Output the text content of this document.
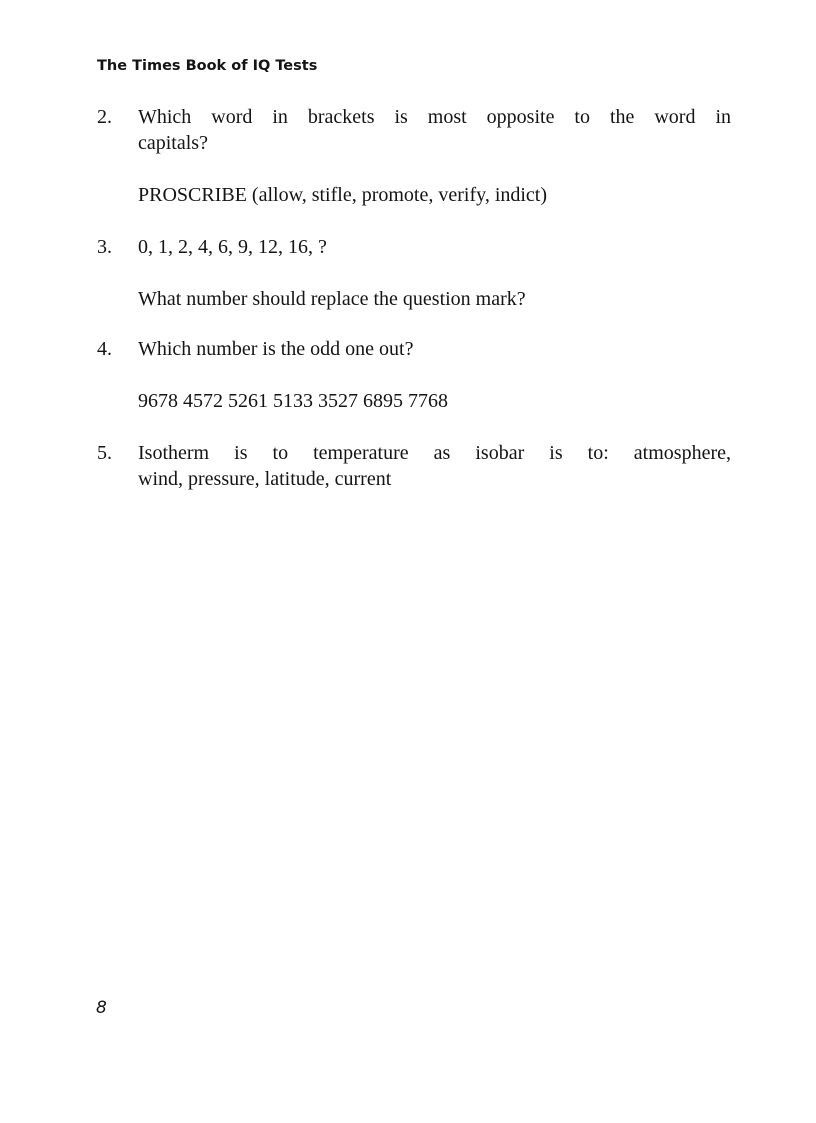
The Times Book of IQ Tests
2. Which word in brackets is most opposite to the word in
capitals?
PROSCRIBE (allow, stifle, promote, verify, indict)
3. 0, 1, 2, 4, 6, 9, 12, 16, ?
What number should replace the question mark?
4. Which number is the odd one out?
9678 4572 5261 5133 3527 6895 7768
5. Isotherm is to temperature as isobar is to: atmosphere,
wind, pressure, latitude, current
8
